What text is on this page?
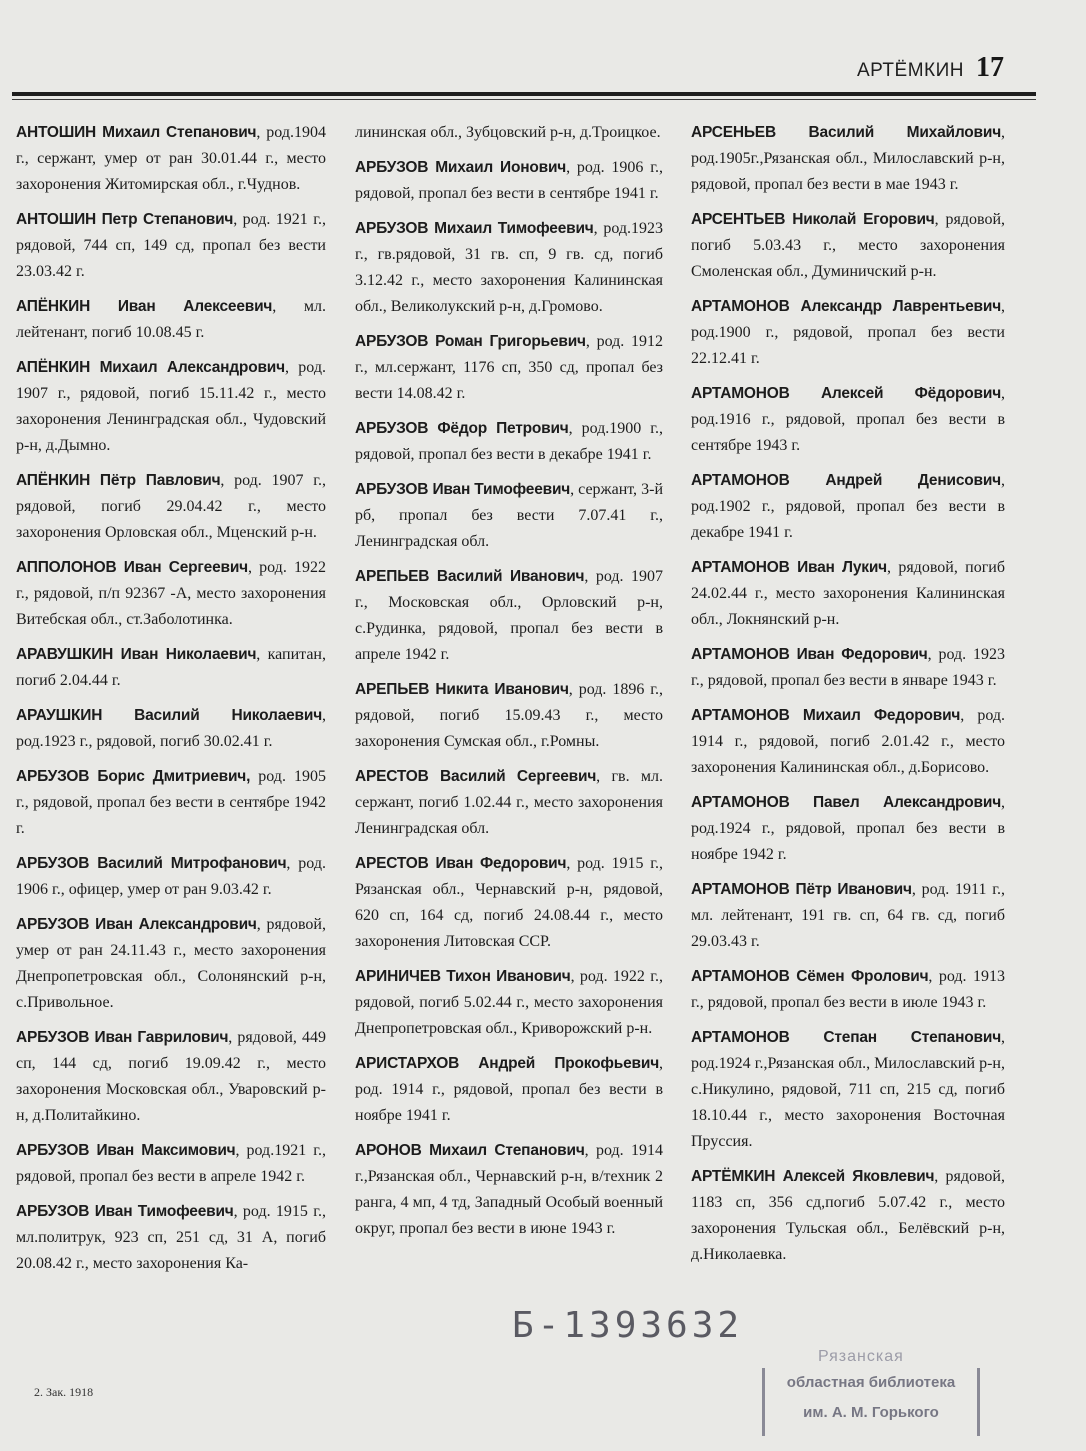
АРТЁМКИН 17
АНТОШИН Михаил Степанович, род.1904 г., сержант, умер от ран 30.01.44 г., место захоронения Житомирская обл., г.Чуднов.
АНТОШИН Петр Степанович, род. 1921 г., рядовой, 744 сп, 149 сд, пропал без вести 23.03.42 г.
АПЁНКИН Иван Алексеевич, мл. лейтенант, погиб 10.08.45 г.
АПЁНКИН Михаил Александрович, род. 1907 г., рядовой, погиб 15.11.42 г., место захоронения Ленинградская обл., Чудовский р-н, д.Дымно.
АПЁНКИН Пётр Павлович, род. 1907 г., рядовой, погиб 29.04.42 г., место захоронения Орловская обл., Мценский р-н.
АППОЛОНОВ Иван Сергеевич, род. 1922 г., рядовой, п/п 92367 -А, место захоронения Витебская обл., ст.Заболотинка.
АРАВУШКИН Иван Николаевич, капитан, погиб 2.04.44 г.
АРАУШКИН Василий Николаевич, род.1923 г., рядовой, погиб 30.02.41 г.
АРБУЗОВ Борис Дмитриевич, род. 1905 г., рядовой, пропал без вести в сентябре 1942 г.
АРБУЗОВ Василий Митрофанович, род. 1906 г., офицер, умер от ран 9.03.42 г.
АРБУЗОВ Иван Александрович, рядовой, умер от ран 24.11.43 г., место захоронения Днепропетровская обл., Солонянский р-н, с.Привольное.
АРБУЗОВ Иван Гаврилович, рядовой, 449 сп, 144 сд, погиб 19.09.42 г., место захоронения Московская обл., Уваровский р-н, д.Политайкино.
АРБУЗОВ Иван Максимович, род.1921 г., рядовой, пропал без вести в апреле 1942 г.
АРБУЗОВ Иван Тимофеевич, род. 1915 г., мл.политрук, 923 сп, 251 сд, 31 А, погиб 20.08.42 г., место захоронения Ка-
лининская обл., Зубцовский р-н, д.Троицкое.
АРБУЗОВ Михаил Ионович, род. 1906 г., рядовой, пропал без вести в сентябре 1941 г.
АРБУЗОВ Михаил Тимофеевич, род.1923 г., гв.рядовой, 31 гв. сп, 9 гв. сд, погиб 3.12.42 г., место захоронения Калининская обл., Великолукский р-н, д.Громово.
АРБУЗОВ Роман Григорьевич, род. 1912 г., мл.сержант, 1176 сп, 350 сд, пропал без вести 14.08.42 г.
АРБУЗОВ Фёдор Петрович, род.1900 г., рядовой, пропал без вести в декабре 1941 г.
АРБУЗОВ Иван Тимофеевич, сержант, 3-й рб, пропал без вести 7.07.41 г., Ленинградская обл.
АРЕПЬЕВ Василий Иванович, род. 1907 г., Московская обл., Орловский р-н, с.Рудинка, рядовой, пропал без вести в апреле 1942 г.
АРЕПЬЕВ Никита Иванович, род. 1896 г., рядовой, погиб 15.09.43 г., место захоронения Сумская обл., г.Ромны.
АРЕСТОВ Василий Сергеевич, гв. мл. сержант, погиб 1.02.44 г., место захоронения Ленинградская обл.
АРЕСТОВ Иван Федорович, род. 1915 г., Рязанская обл., Чернавский р-н, рядовой, 620 сп, 164 сд, погиб 24.08.44 г., место захоронения Литовская ССР.
АРИНИЧЕВ Тихон Иванович, род. 1922 г., рядовой, погиб 5.02.44 г., место захоронения Днепропетровская обл., Криворожский р-н.
АРИСТАРХОВ Андрей Прокофьевич, род. 1914 г., рядовой, пропал без вести в ноябре 1941 г.
АРОНОВ Михаил Степанович, род. 1914 г.,Рязанская обл., Чернавский р-н, в/техник 2 ранга, 4 мп, 4 тд, Западный Особый военный округ, пропал без вести в июне 1943 г.
АРСЕНЬЕВ Василий Михайлович, род.1905г.,Рязанская обл., Милославский р-н, рядовой, пропал без вести в мае 1943 г.
АРСЕНТЬЕВ Николай Егорович, рядовой, погиб 5.03.43 г., место захоронения Смоленская обл., Думиничский р-н.
АРТАМОНОВ Александр Лаврентьевич, род.1900 г., рядовой, пропал без вести 22.12.41 г.
АРТАМОНОВ Алексей Фёдорович, род.1916 г., рядовой, пропал без вести в сентябре 1943 г.
АРТАМОНОВ Андрей Денисович, род.1902 г., рядовой, пропал без вести в декабре 1941 г.
АРТАМОНОВ Иван Лукич, рядовой, погиб 24.02.44 г., место захоронения Калининская обл., Локнянский р-н.
АРТАМОНОВ Иван Федорович, род. 1923 г., рядовой, пропал без вести в январе 1943 г.
АРТАМОНОВ Михаил Федорович, род. 1914 г., рядовой, погиб 2.01.42 г., место захоронения Калининская обл., д.Борисово.
АРТАМОНОВ Павел Александрович, род.1924 г., рядовой, пропал без вести в ноябре 1942 г.
АРТАМОНОВ Пётр Иванович, род. 1911 г., мл. лейтенант, 191 гв. сп, 64 гв. сд, погиб 29.03.43 г.
АРТАМОНОВ Сёмен Фролович, род. 1913 г., рядовой, пропал без вести в июле 1943 г.
АРТАМОНОВ Степан Степанович, род.1924 г.,Рязанская обл., Милославский р-н, с.Никулино, рядовой, 711 сп, 215 сд, погиб 18.10.44 г., место захоронения Восточная Пруссия.
АРТЁМКИН Алексей Яковлевич, рядовой, 1183 сп, 356 сд,погиб 5.07.42 г., место захоронения Тульская обл., Белёвский р-н, д.Николаевка.
Б-1393632
2. Зак. 1918
Рязанская
областная библиотека
им. А. М. Горького
